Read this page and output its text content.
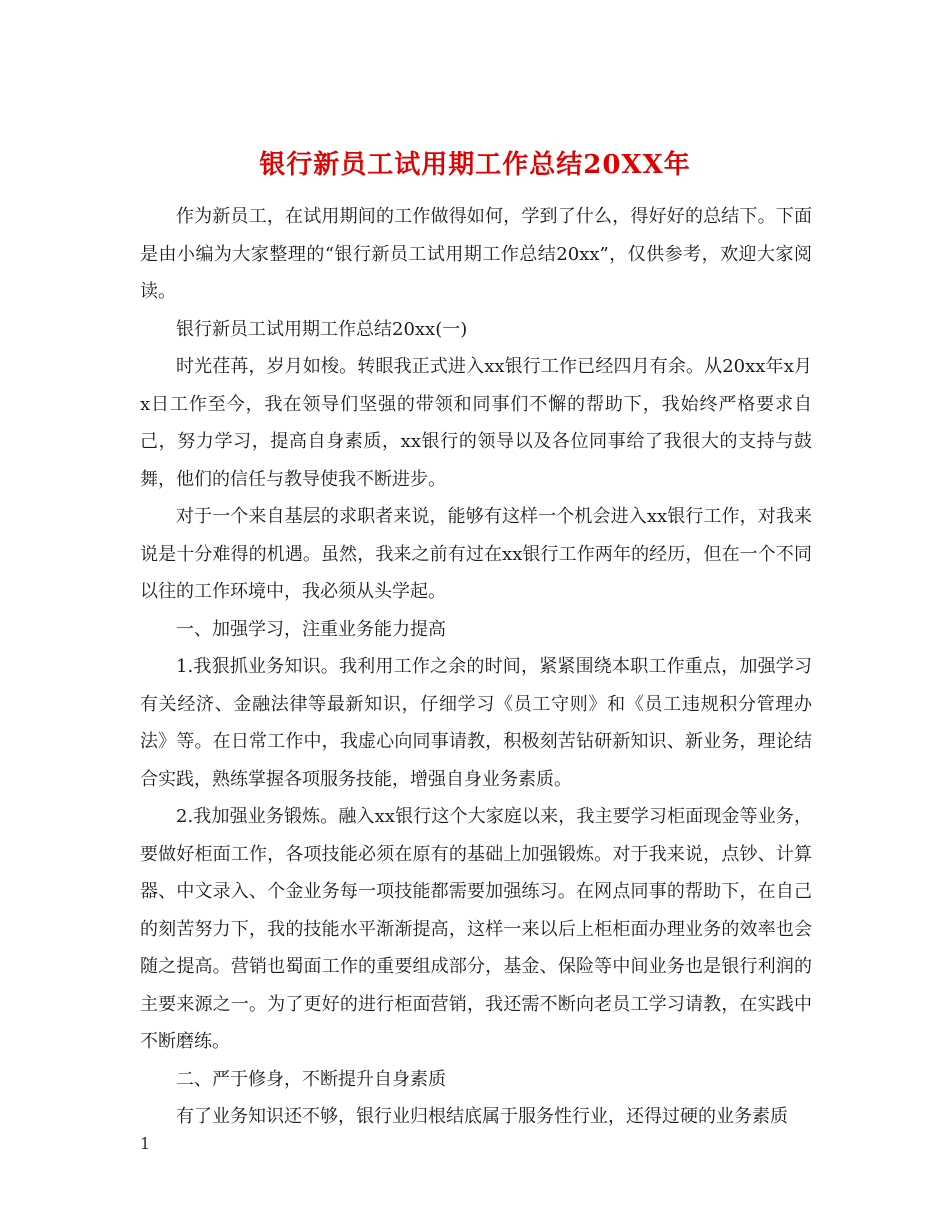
银行新员工试用期工作总结20XX年

作为新员工，在试用期间的工作做得如何，学到了什么，得好好的总结下。下面是由小编为大家整理的“银行新员工试用期工作总结20xx”，仅供参考，欢迎大家阅读。

银行新员工试用期工作总结20xx(一)

时光荏苒，岁月如梭。转眼我正式进入xx银行工作已经四月有余。从20xx年x月x日工作至今，我在领导们坚强的带领和同事们不懈的帮助下，我始终严格要求自己，努力学习，提高自身素质，xx银行的领导以及各位同事给了我很大的支持与鼓舞，他们的信任与教导使我不断进步。

对于一个来自基层的求职者来说，能够有这样一个机会进入xx银行工作，对我来说是十分难得的机遇。虽然，我来之前有过在xx银行工作两年的经历，但在一个不同以往的工作环境中，我必须从头学起。

一、加强学习，注重业务能力提高

1.我狠抓业务知识。我利用工作之余的时间，紧紧围绕本职工作重点，加强学习有关经济、金融法律等最新知识，仔细学习《员工守则》和《员工违规积分管理办法》等。在日常工作中，我虚心向同事请教，积极刻苦钻研新知识、新业务，理论结合实践，熟练掌握各项服务技能，增强自身业务素质。

2.我加强业务锻炼。融入xx银行这个大家庭以来，我主要学习柜面现金等业务，要做好柜面工作，各项技能必须在原有的基础上加强锻炼。对于我来说，点钞、计算器、中文录入、个金业务每一项技能都需要加强练习。在网点同事的帮助下，在自己的刻苦努力下，我的技能水平渐渐提高，这样一来以后上柜柜面办理业务的效率也会随之提高。营销也蜀面工作的重要组成部分，基金、保险等中间业务也是银行利润的主要来源之一。为了更好的进行柜面营销，我还需不断向老员工学习请教，在实践中不断磨练。

二、严于修身，不断提升自身素质

有了业务知识还不够，银行业归根结底属于服务性行业，还得过硬的业务素质

1
